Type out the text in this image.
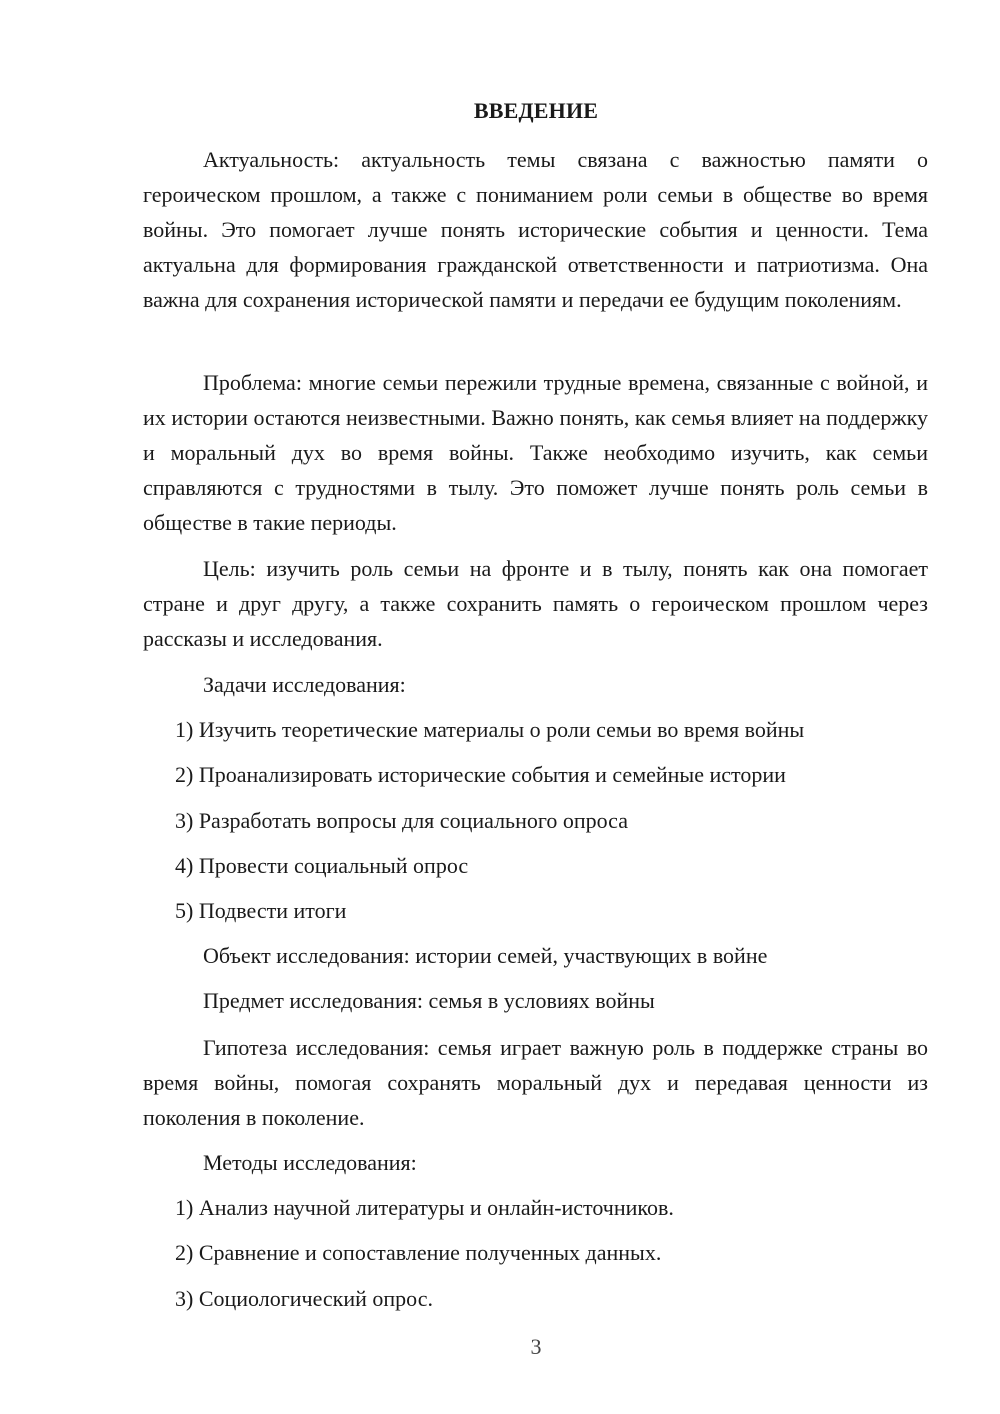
ВВЕДЕНИЕ

Актуальность: актуальность темы связана с важностью памяти о героическом прошлом, а также с пониманием роли семьи в обществе во время войны. Это помогает лучше понять исторические события и ценности. Тема актуальна для формирования гражданской ответственности и патриотизма. Она важна для сохранения исторической памяти и передачи ее будущим поколениям.

Проблема: многие семьи пережили трудные времена, связанные с войной, и их истории остаются неизвестными. Важно понять, как семья влияет на поддержку и моральный дух во время войны. Также необходимо изучить, как семьи справляются с трудностями в тылу. Это поможет лучше понять роль семьи в обществе в такие периоды.

Цель: изучить роль семьи на фронте и в тылу, понять как она помогает стране и друг другу, а также сохранить память о героическом прошлом через рассказы и исследования.

Задачи исследования:

1) Изучить теоретические материалы о роли семьи во время войны

2) Проанализировать исторические события и семейные истории

3) Разработать вопросы для социального опроса

4) Провести социальный опрос

5) Подвести итоги

Объект исследования: истории семей, участвующих в войне

Предмет исследования: семья в условиях войны

Гипотеза исследования: семья играет важную роль в поддержке страны во время войны, помогая сохранять моральный дух и передавая ценности из поколения в поколение.

Методы исследования:

1) Анализ научной литературы и онлайн-источников.

2) Сравнение и сопоставление полученных данных.

3) Социологический опрос.

3
